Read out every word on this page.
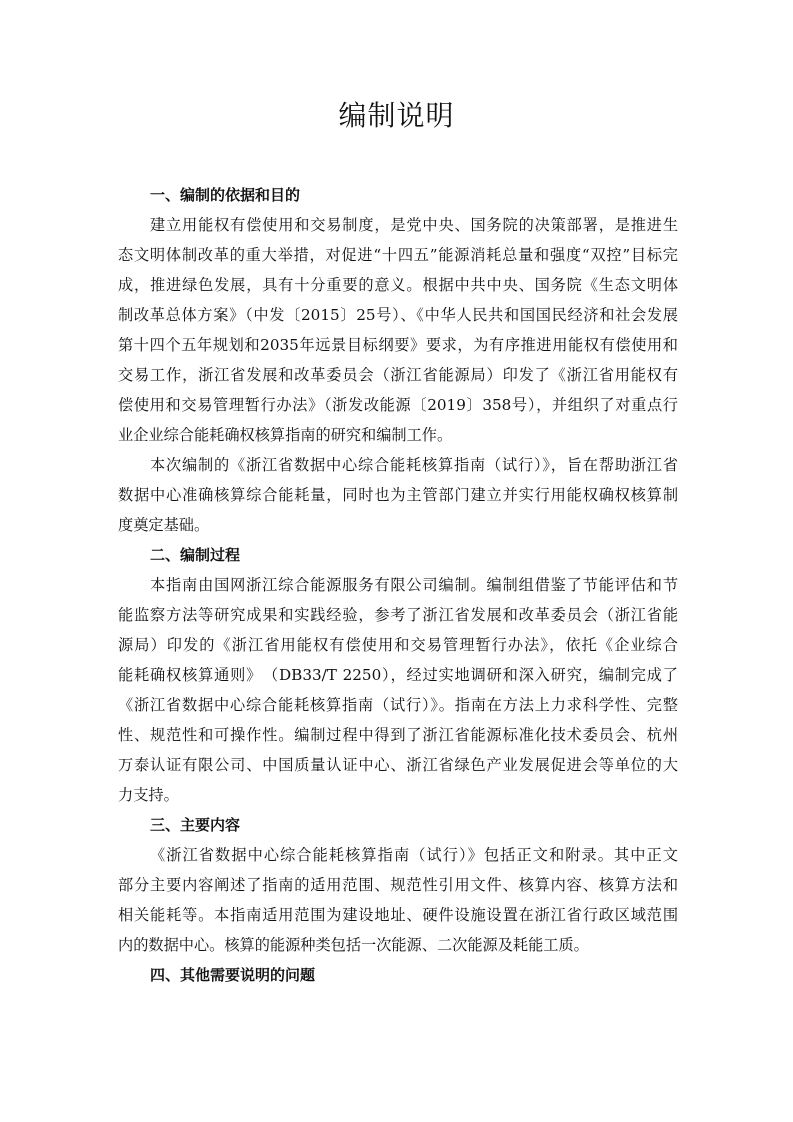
编制说明
一、编制的依据和目的
建立用能权有偿使用和交易制度，是党中央、国务院的决策部署，是推进生
态文明体制改革的重大举措，对促进“十四五”能源消耗总量和强度“双控”目标完
成，推进绿色发展，具有十分重要的意义。根据中共中央、国务院《生态文明体
制改革总体方案》（中发〔2015〕25号）、《中华人民共和国国民经济和社会发展
第十四个五年规划和2035年远景目标纲要》要求，为有序推进用能权有偿使用和
交易工作，浙江省发展和改革委员会（浙江省能源局）印发了《浙江省用能权有
偿使用和交易管理暂行办法》（浙发改能源〔2019〕358号），并组织了对重点行
业企业综合能耗确权核算指南的研究和编制工作。
本次编制的《浙江省数据中心综合能耗核算指南（试行）》，旨在帮助浙江省
数据中心准确核算综合能耗量，同时也为主管部门建立并实行用能权确权核算制
度奠定基础。
二、编制过程
本指南由国网浙江综合能源服务有限公司编制。编制组借鉴了节能评估和节
能监察方法等研究成果和实践经验，参考了浙江省发展和改革委员会（浙江省能
源局）印发的《浙江省用能权有偿使用和交易管理暂行办法》，依托《企业综合
能耗确权核算通则》　（DB33/T 2250），经过实地调研和深入研究，编制完成了
《浙江省数据中心综合能耗核算指南（试行）》。指南在方法上力求科学性、完整
性、规范性和可操作性。编制过程中得到了浙江省能源标准化技术委员会、杭州
万泰认证有限公司、中国质量认证中心、浙江省绿色产业发展促进会等单位的大
力支持。
三、主要内容
《浙江省数据中心综合能耗核算指南（试行）》包括正文和附录。其中正文
部分主要内容阐述了指南的适用范围、规范性引用文件、核算内容、核算方法和
相关能耗等。本指南适用范围为建设地址、硬件设施设置在浙江省行政区域范围
内的数据中心。核算的能源种类包括一次能源、二次能源及耗能工质。
四、其他需要说明的问题
